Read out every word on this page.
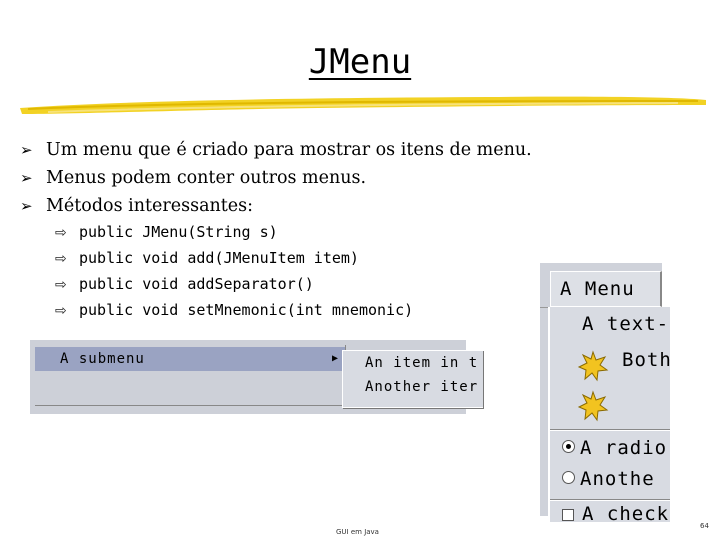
JMenu
➢ Um menu que é criado para mostrar os itens de menu.
➢ Menus podem conter outros menus.
➢ Métodos interessantes:
⇨ public JMenu(String s)
⇨ public void add(JMenuItem item)
⇨ public void addSeparator()
⇨ public void setMnemonic(int mnemonic)
A submenu	▶	An item in t
Another iter
A Menu
A text-
Both
A radio
Anothe
A check
GUI em Java
64
